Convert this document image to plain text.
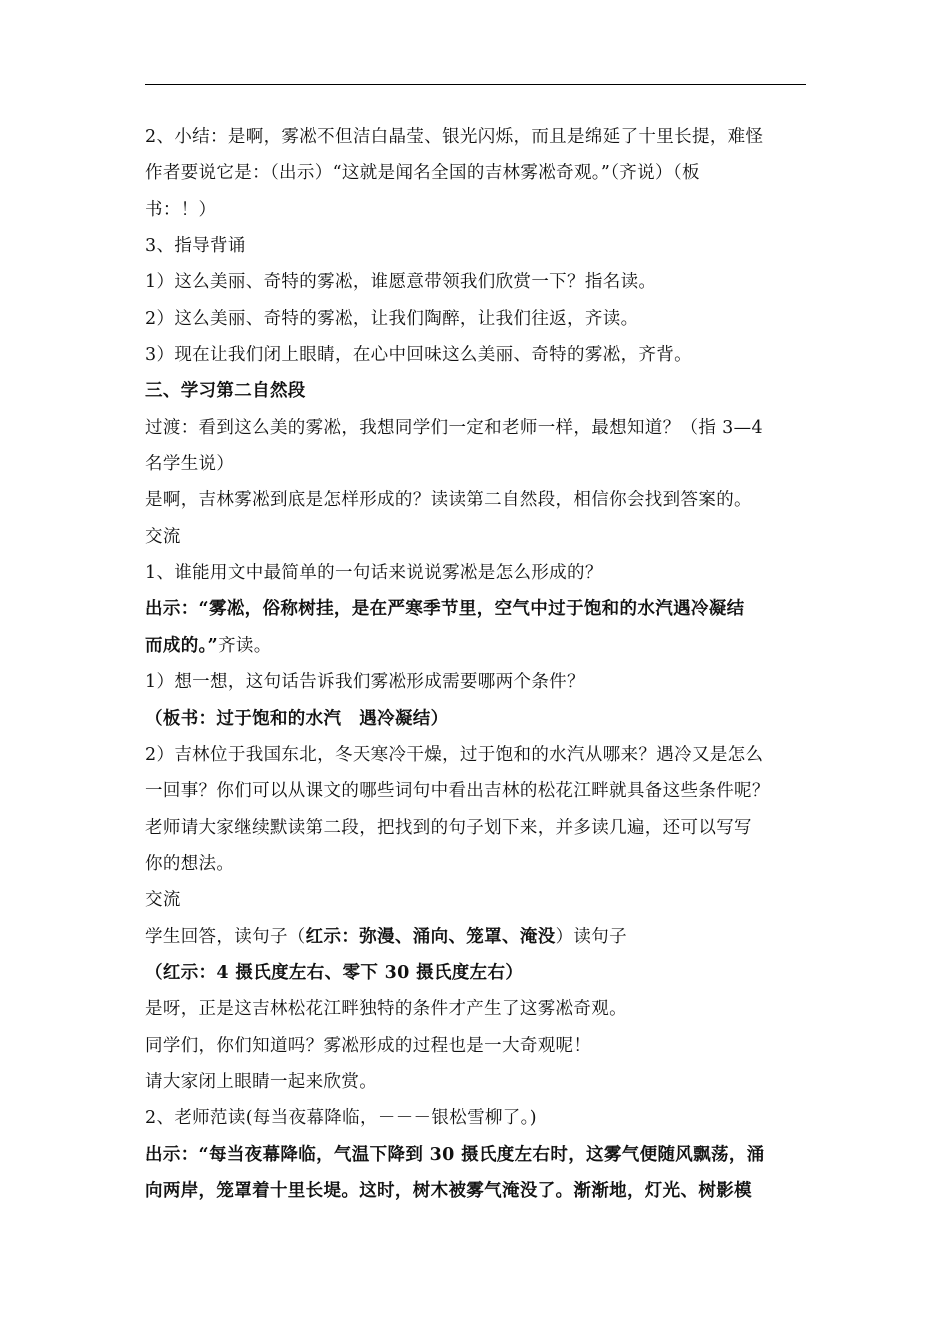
2、小结：是啊，雾凇不但洁白晶莹、银光闪烁，而且是绵延了十里长提，难怪
作者要说它是：（出示）“这就是闻名全国的吉林雾凇奇观。”（齐说）（板
书：！）
3、指导背诵
1）这么美丽、奇特的雾凇，谁愿意带领我们欣赏一下？指名读。
2）这么美丽、奇特的雾凇，让我们陶醉，让我们往返，齐读。
3）现在让我们闭上眼睛，在心中回味这么美丽、奇特的雾凇，齐背。
三、学习第二自然段
过渡：看到这么美的雾凇，我想同学们一定和老师一样，最想知道？（指 3—4
名学生说）
是啊，吉林雾凇到底是怎样形成的？读读第二自然段，相信你会找到答案的。
交流
1、谁能用文中最简单的一句话来说说雾凇是怎么形成的？
出示：“雾凇，俗称树挂，是在严寒季节里，空气中过于饱和的水汽遇冷凝结
而成的。”齐读。
1）想一想，这句话告诉我们雾凇形成需要哪两个条件？
（板书：过于饱和的水汽　遇冷凝结）
2）吉林位于我国东北，冬天寒冷干燥，过于饱和的水汽从哪来？遇冷又是怎么
一回事？你们可以从课文的哪些词句中看出吉林的松花江畔就具备这些条件呢？
老师请大家继续默读第二段，把找到的句子划下来，并多读几遍，还可以写写
你的想法。
交流
学生回答，读句子（红示：弥漫、涌向、笼罩、淹没）读句子
（红示：4 摄氏度左右、零下 30 摄氏度左右）
是呀，正是这吉林松花江畔独特的条件才产生了这雾凇奇观。
同学们，你们知道吗？雾凇形成的过程也是一大奇观呢！
请大家闭上眼睛一起来欣赏。
2、老师范读(每当夜幕降临，－－－银松雪柳了。)
出示：“每当夜幕降临，气温下降到 30 摄氏度左右时，这雾气便随风飘荡，涌
向两岸，笼罩着十里长堤。这时，树木被雾气淹没了。渐渐地，灯光、树影模
